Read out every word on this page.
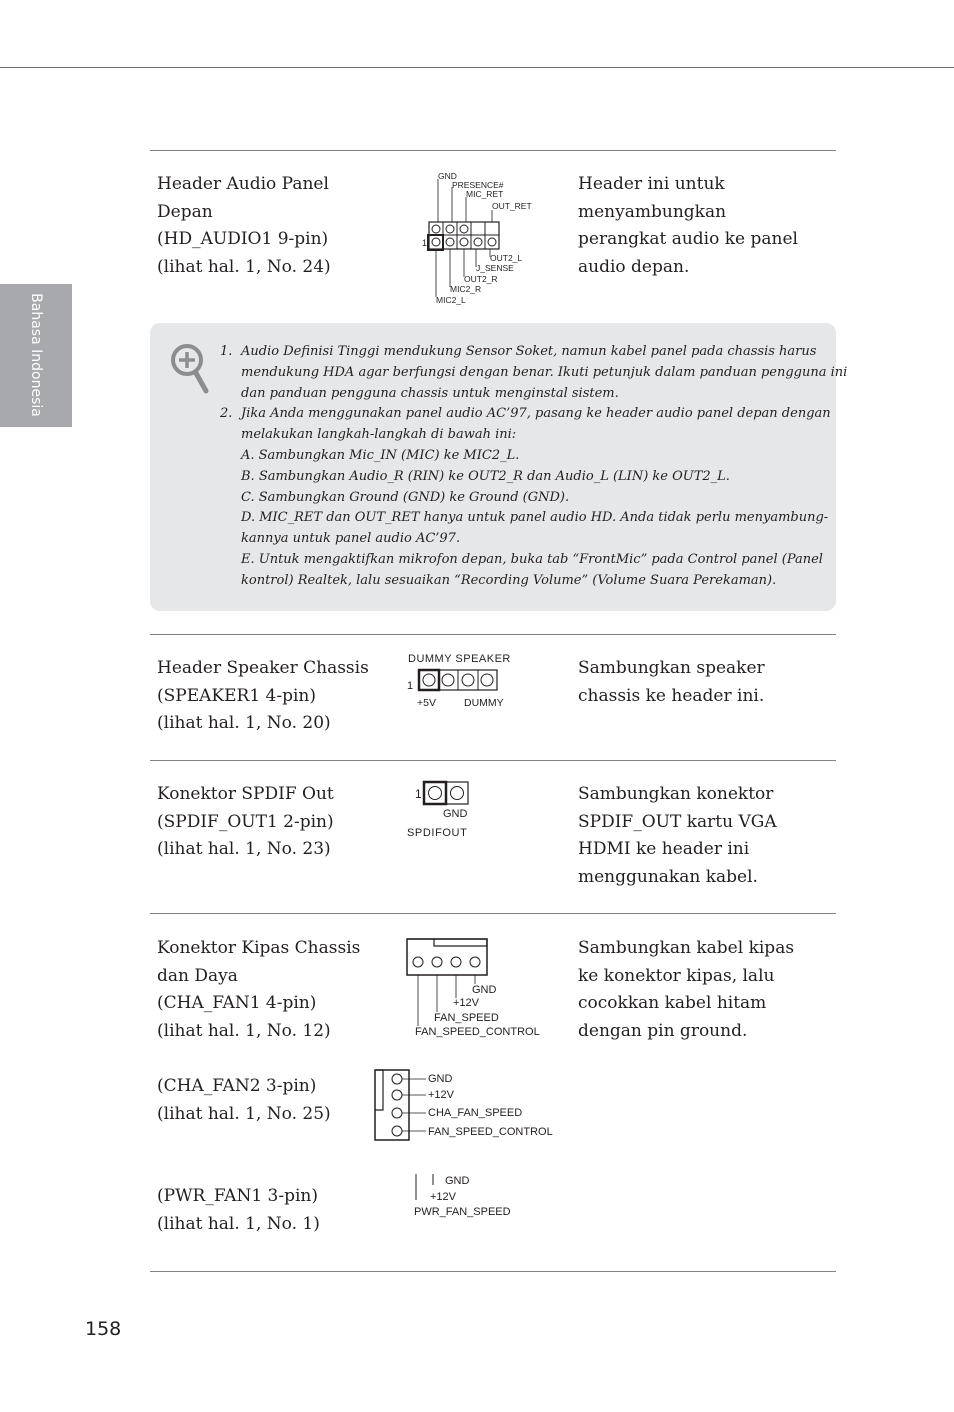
Bahasa Indonesia
Header Audio Panel
Depan
(HD_AUDIO1 9-pin)
(lihat hal. 1, No. 24)
Header ini untuk
menyambungkan
perangkat audio ke panel
audio depan.
GND
PRESENCE#
MIC_RET
OUT_RET
OUT2_L
J_SENSE
OUT2_R
MIC2_R
MIC2_L
1
1. Audio Definisi Tinggi mendukung Sensor Soket, namun kabel panel pada chassis harus
mendukung HDA agar berfungsi dengan benar. Ikuti petunjuk dalam panduan pengguna ini
dan panduan pengguna chassis untuk menginstal sistem.
2. Jika Anda menggunakan panel audio AC’97, pasang ke header audio panel depan dengan
melakukan langkah-langkah di bawah ini:
A. Sambungkan Mic_IN (MIC) ke MIC2_L.
B. Sambungkan Audio_R (RIN) ke OUT2_R dan Audio_L (LIN) ke OUT2_L.
C. Sambungkan Ground (GND) ke Ground (GND).
D. MIC_RET dan OUT_RET hanya untuk panel audio HD. Anda tidak perlu menyambung-
kannya untuk panel audio AC’97.
E. Untuk mengaktifkan mikrofon depan, buka tab “FrontMic” pada Control panel (Panel
kontrol) Realtek, lalu sesuaikan “Recording Volume” (Volume Suara Perekaman).
Header Speaker Chassis
(SPEAKER1 4-pin)
(lihat hal. 1, No. 20)
Sambungkan speaker
chassis ke header ini.
DUMMY SPEAKER
1
+5V	DUMMY
Konektor SPDIF Out
(SPDIF_OUT1 2-pin)
(lihat hal. 1, No. 23)
Sambungkan konektor
SPDIF_OUT kartu VGA
HDMI ke header ini
menggunakan kabel.
1
GND
SPDIFOUT
Konektor Kipas Chassis
dan Daya
(CHA_FAN1 4-pin)
(lihat hal. 1, No. 12)
Sambungkan kabel kipas
ke konektor kipas, lalu
cocokkan kabel hitam
dengan pin ground.
(CHA_FAN2 3-pin)
(lihat hal. 1, No. 25)
(PWR_FAN1 3-pin)
(lihat hal. 1, No. 1)
GND
+12V
FAN_SPEED
FAN_SPEED_CONTROL
GND
+12V
CHA_FAN_SPEED
FAN_SPEED_CONTROL
GND
+12V
PWR_FAN_SPEED
158
